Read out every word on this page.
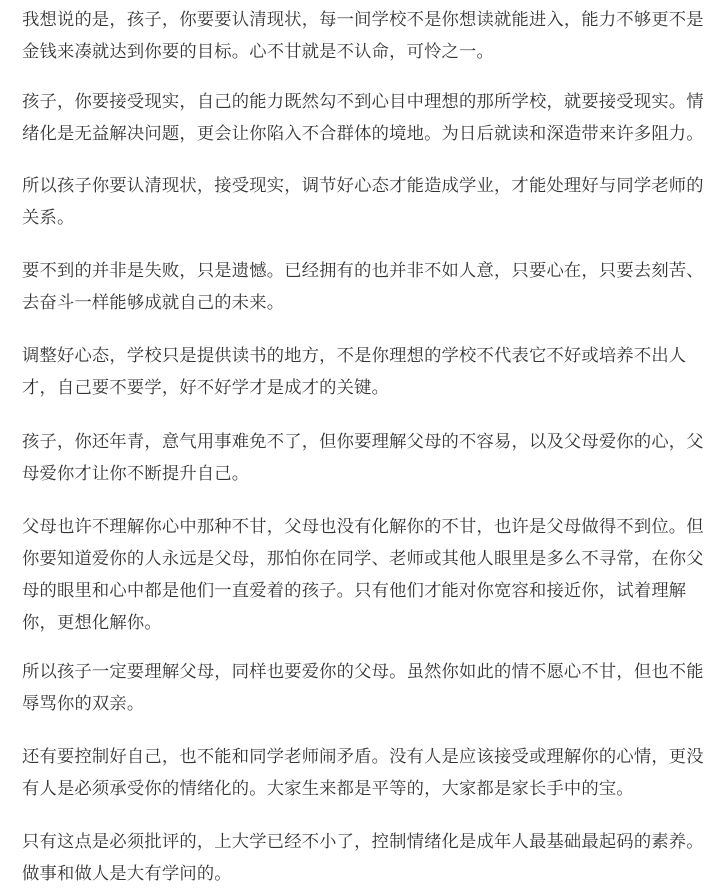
我想说的是，孩子，你要要认清现状，每一间学校不是你想读就能进入，能力不够更不是金钱来凑就达到你要的目标。心不甘就是不认命，可怜之一。

孩子，你要接受现实，自己的能力既然勾不到心目中理想的那所学校，就要接受现实。情绪化是无益解决问题，更会让你陷入不合群体的境地。为日后就读和深造带来许多阻力。

所以孩子你要认清现状，接受现实，调节好心态才能造成学业，才能处理好与同学老师的关系。

要不到的并非是失败，只是遗憾。已经拥有的也并非不如人意，只要心在，只要去刻苦、去奋斗一样能够成就自己的未来。

调整好心态，学校只是提供读书的地方，不是你理想的学校不代表它不好或培养不出人才，自己要不要学，好不好学才是成才的关键。

孩子，你还年青，意气用事难免不了，但你要理解父母的不容易，以及父母爱你的心，父母爱你才让你不断提升自己。

父母也许不理解你心中那种不甘，父母也没有化解你的不甘，也许是父母做得不到位。但你要知道爱你的人永远是父母，那怕你在同学、老师或其他人眼里是多么不寻常，在你父母的眼里和心中都是他们一直爱着的孩子。只有他们才能对你宽容和接近你，试着理解你，更想化解你。

所以孩子一定要理解父母，同样也要爱你的父母。虽然你如此的情不愿心不甘，但也不能辱骂你的双亲。

还有要控制好自己，也不能和同学老师闹矛盾。没有人是应该接受或理解你的心情，更没有人是必须承受你的情绪化的。大家生来都是平等的，大家都是家长手中的宝。

只有这点是必须批评的，上大学已经不小了，控制情绪化是成年人最基础最起码的素养。做事和做人是大有学问的。
